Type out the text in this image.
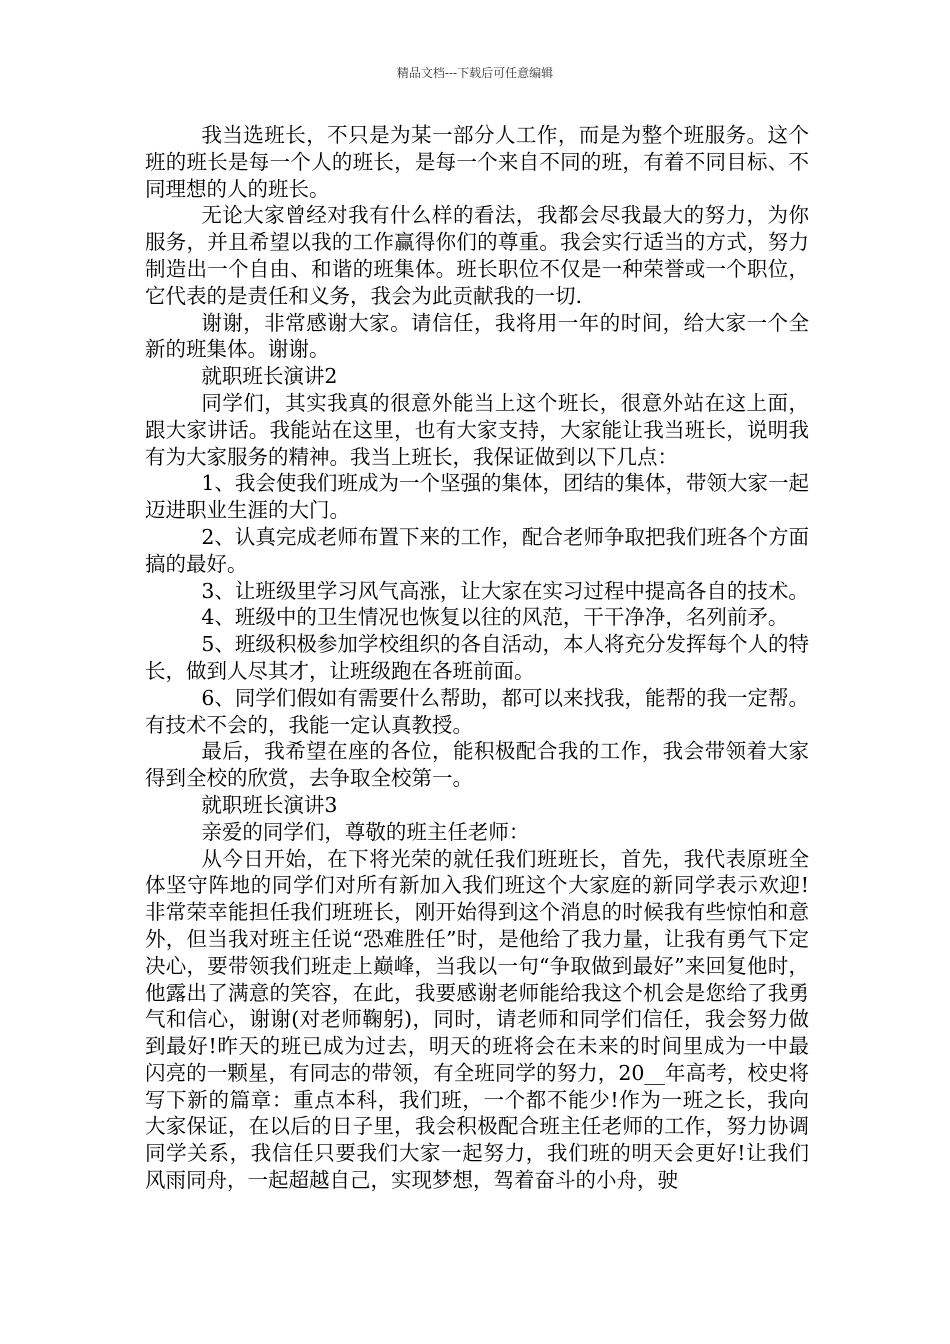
精品文档---下载后可任意编辑

我当选班长，不只是为某一部分人工作，而是为整个班服务。这个班的班长是每一个人的班长，是每一个来自不同的班，有着不同目标、不同理想的人的班长。

无论大家曾经对我有什么样的看法，我都会尽我最大的努力，为你服务，并且希望以我的工作赢得你们的尊重。我会实行适当的方式，努力制造出一个自由、和谐的班集体。班长职位不仅是一种荣誉或一个职位，它代表的是责任和义务，我会为此贡献我的一切.

谢谢，非常感谢大家。请信任，我将用一年的时间，给大家一个全新的班集体。谢谢。

就职班长演讲2

同学们，其实我真的很意外能当上这个班长，很意外站在这上面，跟大家讲话。我能站在这里，也有大家支持，大家能让我当班长，说明我有为大家服务的精神。我当上班长，我保证做到以下几点：

1、我会使我们班成为一个坚强的集体，团结的集体，带领大家一起迈进职业生涯的大门。

2、认真完成老师布置下来的工作，配合老师争取把我们班各个方面搞的最好。

3、让班级里学习风气高涨，让大家在实习过程中提高各自的技术。

4、班级中的卫生情况也恢复以往的风范，干干净净，名列前矛。

5、班级积极参加学校组织的各自活动，本人将充分发挥每个人的特长，做到人尽其才，让班级跑在各班前面。

6、同学们假如有需要什么帮助，都可以来找我，能帮的我一定帮。有技术不会的，我能一定认真教授。

最后，我希望在座的各位，能积极配合我的工作，我会带领着大家得到全校的欣赏，去争取全校第一。

就职班长演讲3

亲爱的同学们，尊敬的班主任老师：

从今日开始，在下将光荣的就任我们班班长，首先，我代表原班全体坚守阵地的同学们对所有新加入我们班这个大家庭的新同学表示欢迎!非常荣幸能担任我们班班长，刚开始得到这个消息的时候我有些惊怕和意外，但当我对班主任说“恐难胜任”时，是他给了我力量，让我有勇气下定决心，要带领我们班走上巅峰，当我以一句“争取做到最好”来回复他时，他露出了满意的笑容，在此，我要感谢老师能给我这个机会是您给了我勇气和信心，谢谢(对老师鞠躬)，同时，请老师和同学们信任，我会努力做到最好!昨天的班已成为过去，明天的班将会在未来的时间里成为一中最闪亮的一颗星，有同志的带领，有全班同学的努力，20__年高考，校史将写下新的篇章：重点本科，我们班，一个都不能少!作为一班之长，我向大家保证，在以后的日子里，我会积极配合班主任老师的工作，努力协调同学关系，我信任只要我们大家一起努力，我们班的明天会更好!让我们风雨同舟，一起超越自己，实现梦想，驾着奋斗的小舟，驶
